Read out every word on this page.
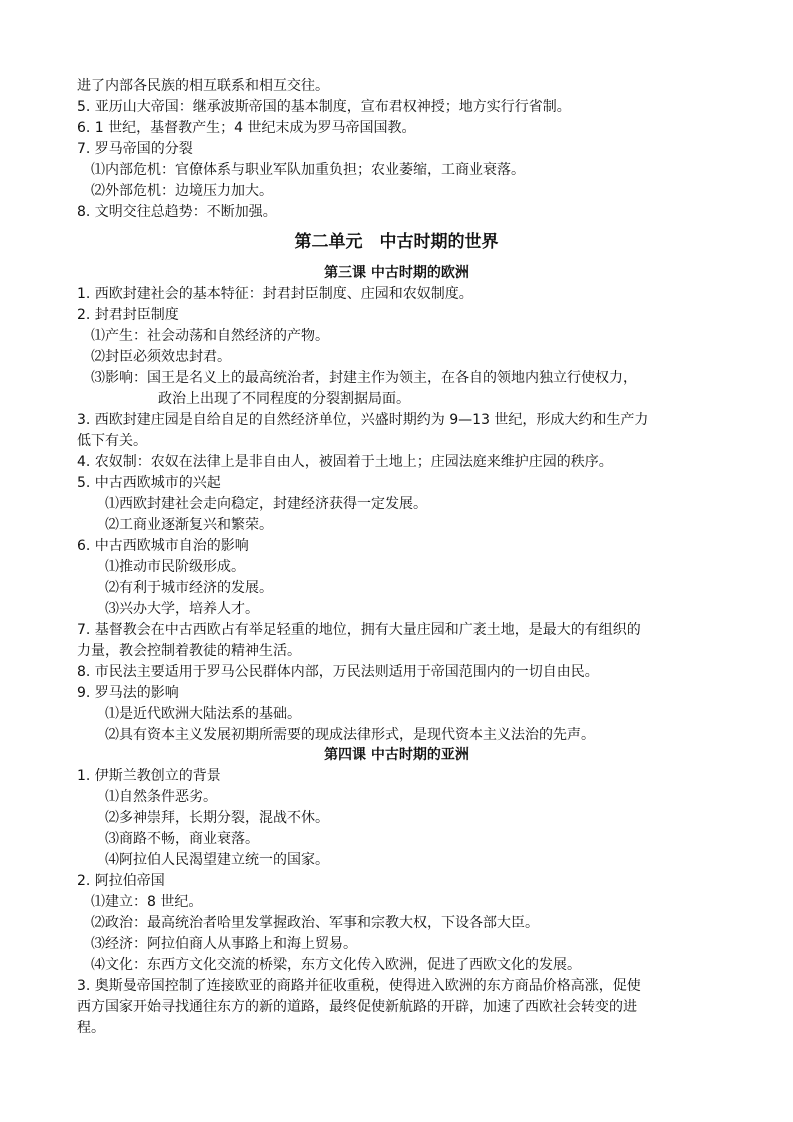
进了内部各民族的相互联系和相互交往。
5. 亚历山大帝国：继承波斯帝国的基本制度，宣布君权神授；地方实行行省制。
6. 1 世纪，基督教产生；4 世纪末成为罗马帝国国教。
7. 罗马帝国的分裂
⑴内部危机：官僚体系与职业军队加重负担；农业萎缩，工商业衰落。
⑵外部危机：边境压力加大。
8. 文明交往总趋势：不断加强。
第二单元　中古时期的世界
第三课 中古时期的欧洲
1. 西欧封建社会的基本特征：封君封臣制度、庄园和农奴制度。
2. 封君封臣制度
⑴产生：社会动荡和自然经济的产物。
⑵封臣必须效忠封君。
⑶影响：国王是名义上的最高统治者，封建主作为领主，在各自的领地内独立行使权力，
政治上出现了不同程度的分裂割据局面。
3. 西欧封建庄园是自给自足的自然经济单位，兴盛时期约为 9—13 世纪，形成大约和生产力
低下有关。
4. 农奴制：农奴在法律上是非自由人，被固着于土地上；庄园法庭来维护庄园的秩序。
5. 中古西欧城市的兴起
⑴西欧封建社会走向稳定，封建经济获得一定发展。
⑵工商业逐渐复兴和繁荣。
6. 中古西欧城市自治的影响
⑴推动市民阶级形成。
⑵有利于城市经济的发展。
⑶兴办大学，培养人才。
7. 基督教会在中古西欧占有举足轻重的地位，拥有大量庄园和广袤土地，是最大的有组织的
力量，教会控制着教徒的精神生活。
8. 市民法主要适用于罗马公民群体内部，万民法则适用于帝国范围内的一切自由民。
9. 罗马法的影响
⑴是近代欧洲大陆法系的基础。
⑵具有资本主义发展初期所需要的现成法律形式，是现代资本主义法治的先声。
第四课 中古时期的亚洲
1. 伊斯兰教创立的背景
⑴自然条件恶劣。
⑵多神崇拜，长期分裂，混战不休。
⑶商路不畅，商业衰落。
⑷阿拉伯人民渴望建立统一的国家。
2. 阿拉伯帝国
⑴建立：8 世纪。
⑵政治：最高统治者哈里发掌握政治、军事和宗教大权，下设各部大臣。
⑶经济：阿拉伯商人从事路上和海上贸易。
⑷文化：东西方文化交流的桥梁，东方文化传入欧洲，促进了西欧文化的发展。
3. 奥斯曼帝国控制了连接欧亚的商路并征收重税，使得进入欧洲的东方商品价格高涨，促使
西方国家开始寻找通往东方的新的道路，最终促使新航路的开辟，加速了西欧社会转变的进
程。
